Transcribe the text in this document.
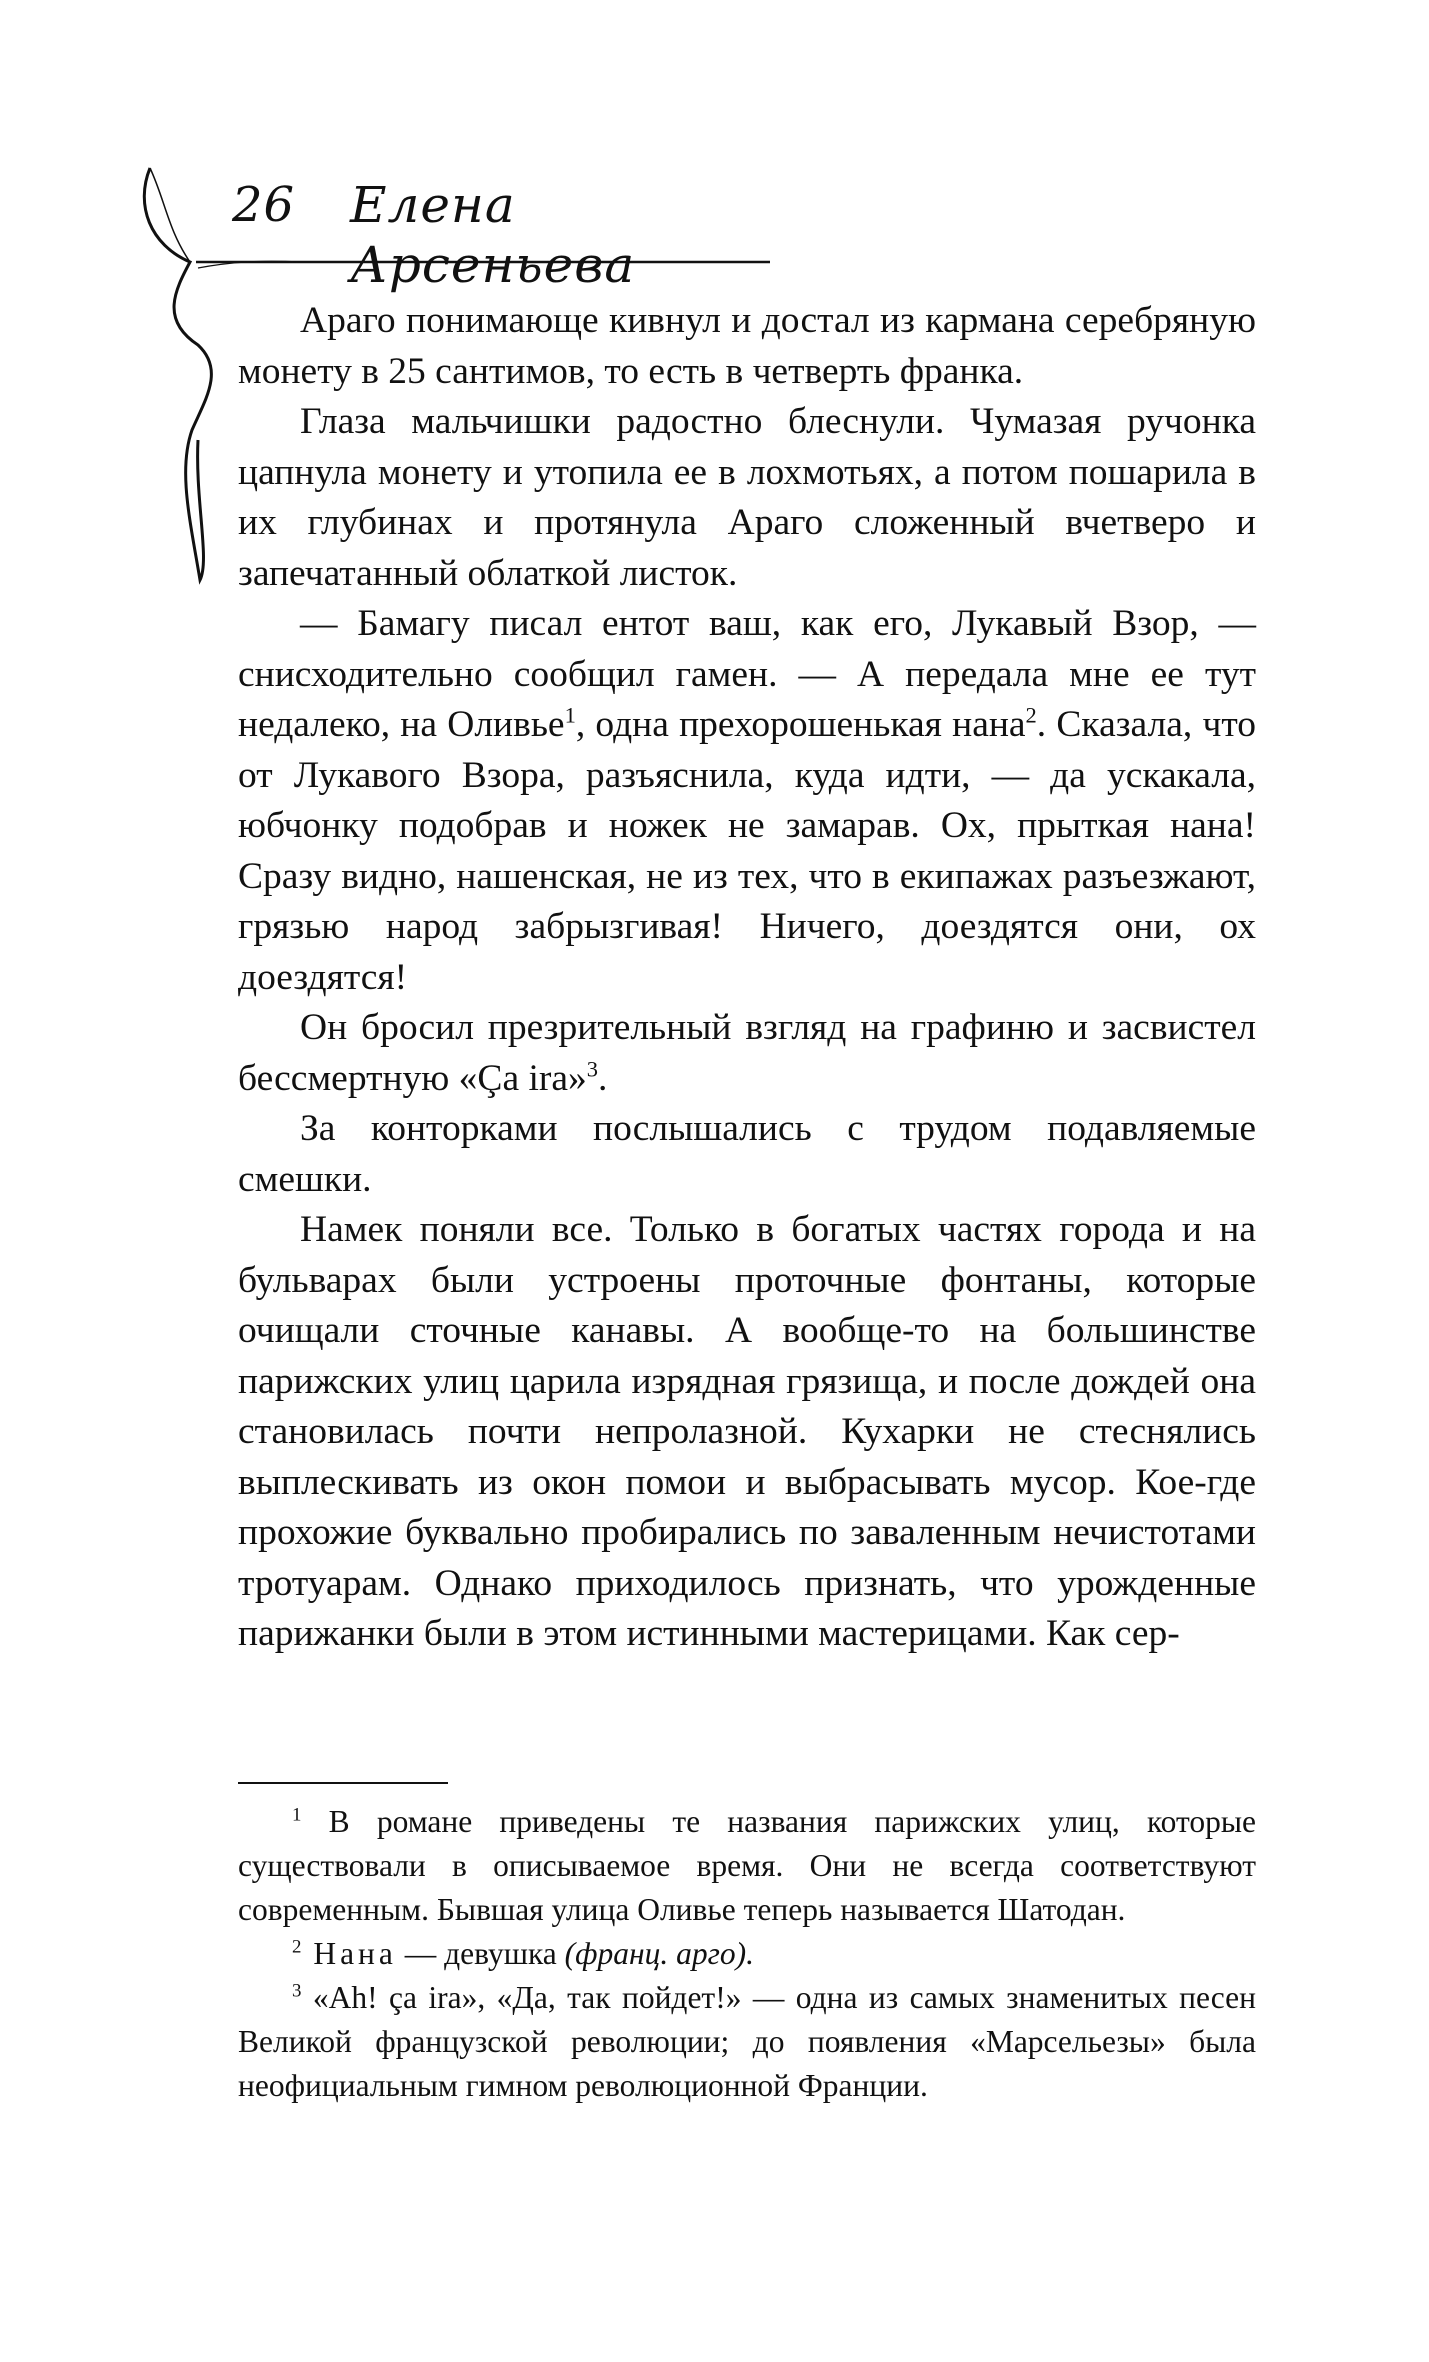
26 Елена Арсеньева

Араго понимающе кивнул и достал из кармана серебряную монету в 25 сантимов, то есть в четверть франка.

Глаза мальчишки радостно блеснули. Чумазая ручонка цапнула монету и утопила ее в лохмотьях, а потом пошарила в их глубинах и протянула Араго сложенный вчетверо и запечатанный облаткой листок.

— Бамагу писал ентот ваш, как его, Лукавый Взор, — снисходительно сообщил гамен. — А передала мне ее тут недалеко, на Оливье$^1$, одна прехорошенькая нана$^2$. Сказала, что от Лукавого Взора, разъяснила, куда идти, — да ускакала, юбчонку подобрав и ножек не замарав. Ох, прыткая нана! Сразу видно, нашенская, не из тех, что в екипажах разъезжают, грязью народ забрызгивая! Ничего, доездятся они, ох доездятся!

Он бросил презрительный взгляд на графиню и засвистел бессмертную «Ça ira»$^3$.

За конторками послышались с трудом подавляемые смешки.

Намек поняли все. Только в богатых частях города и на бульварах были устроены проточные фонтаны, которые очищали сточные канавы. А вообще-то на большинстве парижских улиц царила изрядная грязища, и после дождей она становилась почти непролазной. Кухарки не стеснялись выплескивать из окон помои и выбрасывать мусор. Кое-где прохожие буквально пробирались по заваленным нечистотами тротуарам. Однако приходилось признать, что урожденные парижанки были в этом истинными мастерицами. Как сер-

$^1$ В романе приведены те названия парижских улиц, которые существовали в описываемое время. Они не всегда соответствуют современным. Бывшая улица Оливье теперь называется Шатодан.

$^2$ Нана — девушка (франц. арго).

$^3$ «Ah! ça ira», «Да, так пойдет!» — одна из самых знаменитых песен Великой французской революции; до появления «Марсельезы» была неофициальным гимном революционной Франции.
